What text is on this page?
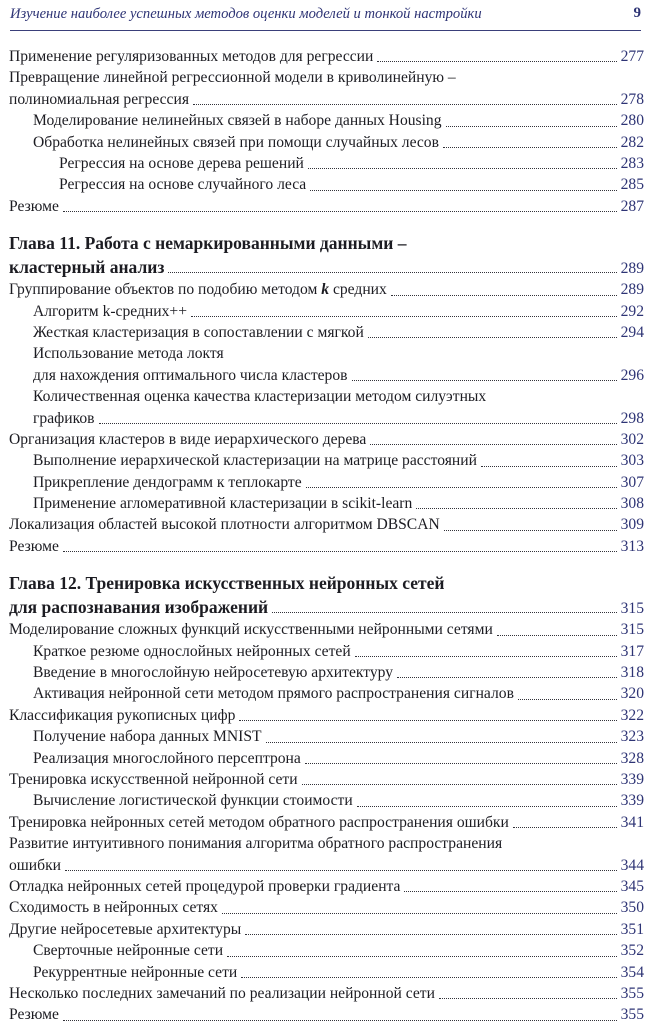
Изучение наиболее успешных методов оценки моделей и тонкой настройки	9
Применение регуляризованных методов для регрессии	277
Превращение линейной регрессионной модели в криволинейную –
полиномиальная регрессия	278
Моделирование нелинейных связей в наборе данных Housing	280
Обработка нелинейных связей при помощи случайных лесов	282
Регрессия на основе дерева решений	283
Регрессия на основе случайного леса	285
Резюме	287
Глава 11. Работа с немаркированными данными –
кластерный анализ	289
Группирование объектов по подобию методом k средних	289
Алгоритм k-средних++	292
Жесткая кластеризация в сопоставлении с мягкой	294
Использование метода локтя
для нахождения оптимального числа кластеров	296
Количественная оценка качества кластеризации методом силуэтных
графиков	298
Организация кластеров в виде иерархического дерева	302
Выполнение иерархической кластеризации на матрице расстояний	303
Прикрепление дендограмм к теплокарте	307
Применение агломеративной кластеризации в scikit-learn	308
Локализация областей высокой плотности алгоритмом DBSCAN	309
Резюме	313
Глава 12. Тренировка искусственных нейронных сетей
для распознавания изображений	315
Моделирование сложных функций искусственными нейронными сетями	315
Краткое резюме однослойных нейронных сетей	317
Введение в многослойную нейросетевую архитектуру	318
Активация нейронной сети методом прямого распространения сигналов	320
Классификация рукописных цифр	322
Получение набора данных MNIST	323
Реализация многослойного персептрона	328
Тренировка искусственной нейронной сети	339
Вычисление логистической функции стоимости	339
Тренировка нейронных сетей методом обратного распространения ошибки	341
Развитие интуитивного понимания алгоритма обратного распространения
ошибки	344
Отладка нейронных сетей процедурой проверки градиента	345
Сходимость в нейронных сетях	350
Другие нейросетевые архитектуры	351
Сверточные нейронные сети	352
Рекуррентные нейронные сети	354
Несколько последних замечаний по реализации нейронной сети	355
Резюме	355
